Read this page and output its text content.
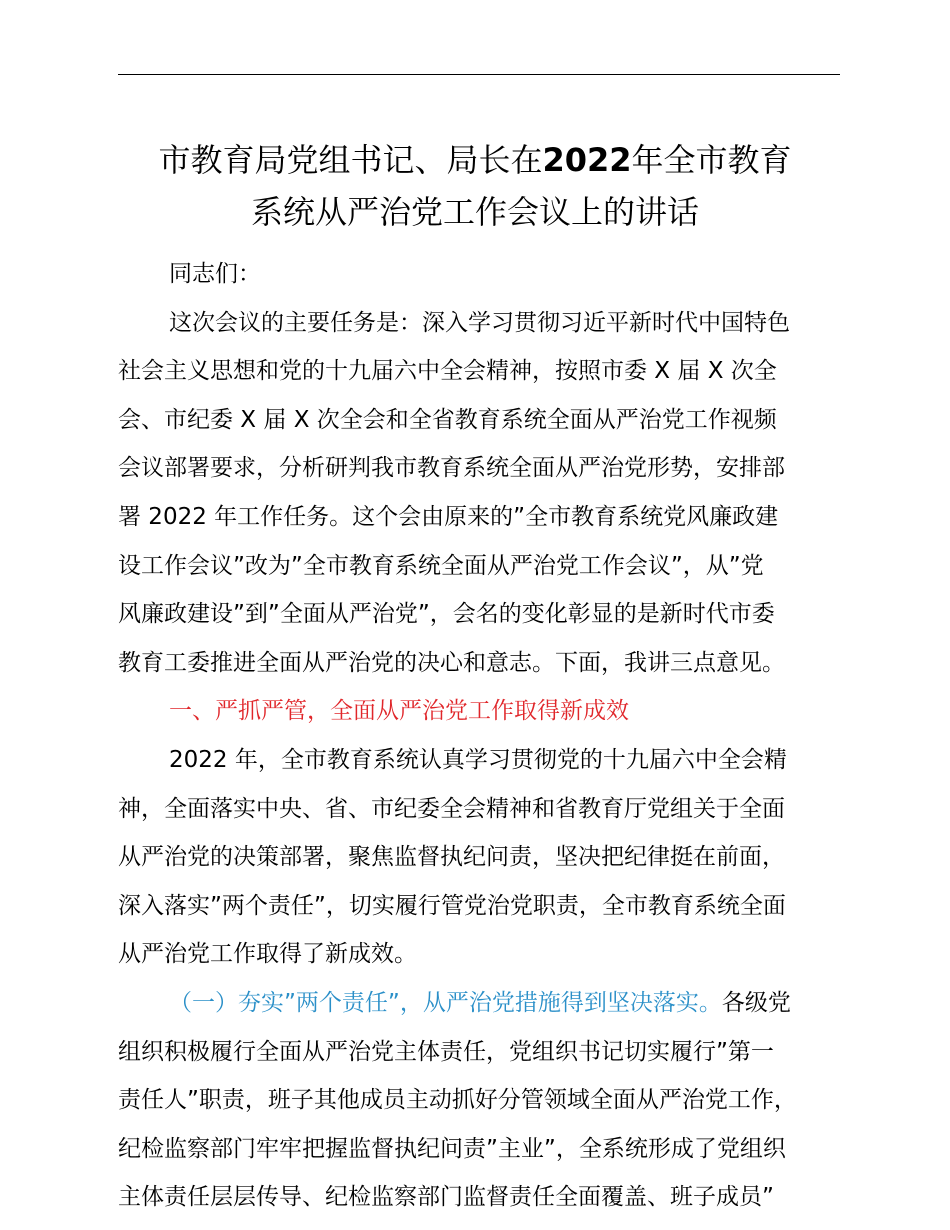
市教育局党组书记、局长在2022年全市教育
系统从严治党工作会议上的讲话
同志们：
这次会议的主要任务是：深入学习贯彻习近平新时代中国特色
社会主义思想和党的十九届六中全会精神，按照市委 X 届 X 次全
会、市纪委 X 届 X 次全会和全省教育系统全面从严治党工作视频
会议部署要求，分析研判我市教育系统全面从严治党形势，安排部
署 2022 年工作任务。这个会由原来的”全市教育系统党风廉政建
设工作会议”改为”全市教育系统全面从严治党工作会议”，从”党
风廉政建设”到”全面从严治党”，会名的变化彰显的是新时代市委
教育工委推进全面从严治党的决心和意志。下面，我讲三点意见。
一、严抓严管，全面从严治党工作取得新成效
2022 年，全市教育系统认真学习贯彻党的十九届六中全会精
神，全面落实中央、省、市纪委全会精神和省教育厅党组关于全面
从严治党的决策部署，聚焦监督执纪问责，坚决把纪律挺在前面，
深入落实”两个责任”，切实履行管党治党职责，全市教育系统全面
从严治党工作取得了新成效。
（一）夯实”两个责任”，从严治党措施得到坚决落实。各级党
组织积极履行全面从严治党主体责任，党组织书记切实履行”第一
责任人”职责，班子其他成员主动抓好分管领域全面从严治党工作，
纪检监察部门牢牢把握监督执纪问责”主业”，全系统形成了党组织
主体责任层层传导、纪检监察部门监督责任全面覆盖、班子成员”
